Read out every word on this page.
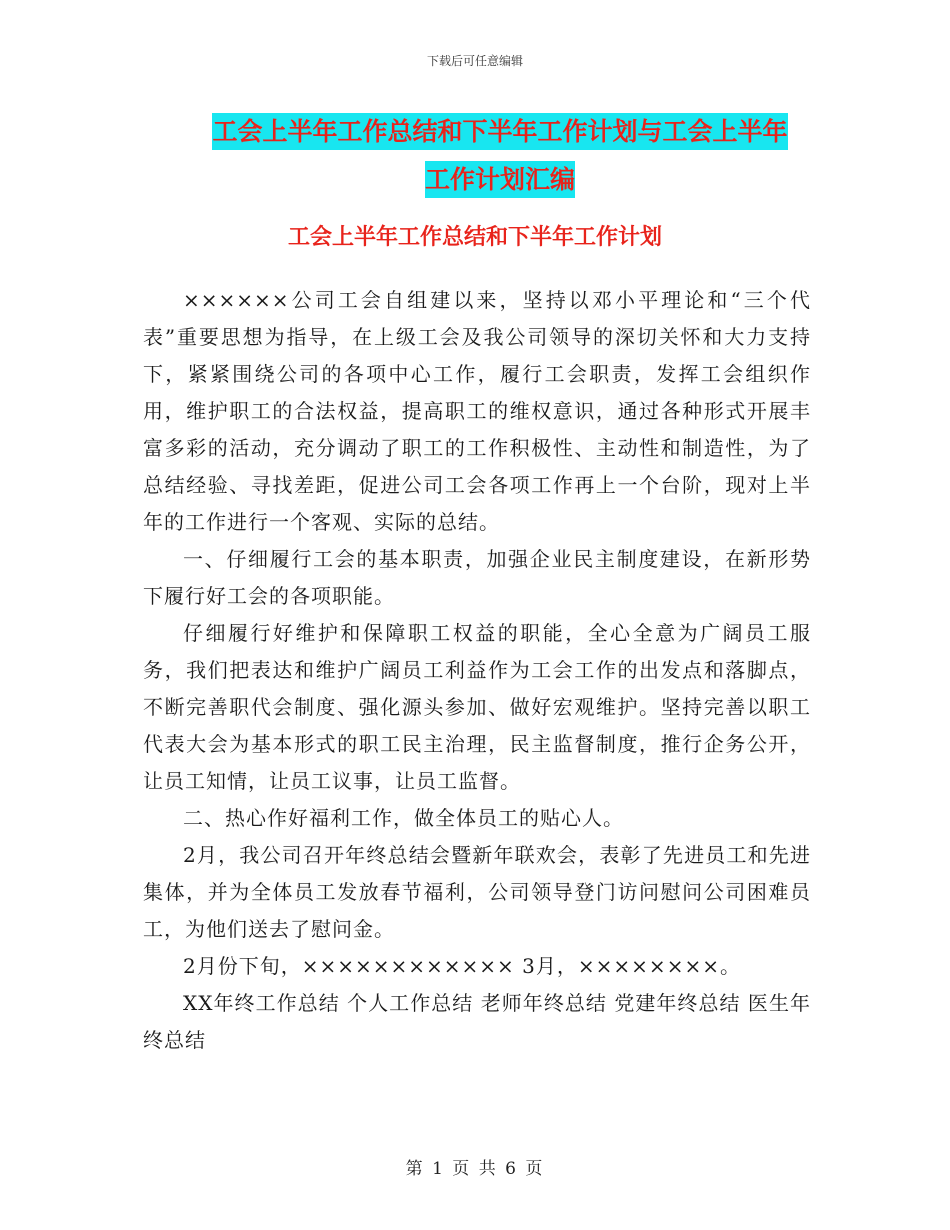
下载后可任意编辑
工会上半年工作总结和下半年工作计划与工会上半年
工作计划汇编
工会上半年工作总结和下半年工作计划

××××××公司工会自组建以来，坚持以邓小平理论和“三个代表”重要思想为指导，在上级工会及我公司领导的深切关怀和大力支持下，紧紧围绕公司的各项中心工作，履行工会职责，发挥工会组织作用，维护职工的合法权益，提高职工的维权意识，通过各种形式开展丰富多彩的活动，充分调动了职工的工作积极性、主动性和制造性，为了总结经验、寻找差距，促进公司工会各项工作再上一个台阶，现对上半年的工作进行一个客观、实际的总结。

一、仔细履行工会的基本职责，加强企业民主制度建设，在新形势下履行好工会的各项职能。

仔细履行好维护和保障职工权益的职能，全心全意为广阔员工服务，我们把表达和维护广阔员工利益作为工会工作的出发点和落脚点，不断完善职代会制度、强化源头参加、做好宏观维护。坚持完善以职工代表大会为基本形式的职工民主治理，民主监督制度，推行企务公开，让员工知情，让员工议事，让员工监督。

二、热心作好福利工作，做全体员工的贴心人。

2月，我公司召开年终总结会暨新年联欢会，表彰了先进员工和先进集体，并为全体员工发放春节福利，公司领导登门访问慰问公司困难员工，为他们送去了慰问金。

2月份下旬，×××××××××××× 3月，××××××××。

XX年终工作总结 个人工作总结 老师年终总结 党建年终总结 医生年终总结

第 1 页 共 6 页
